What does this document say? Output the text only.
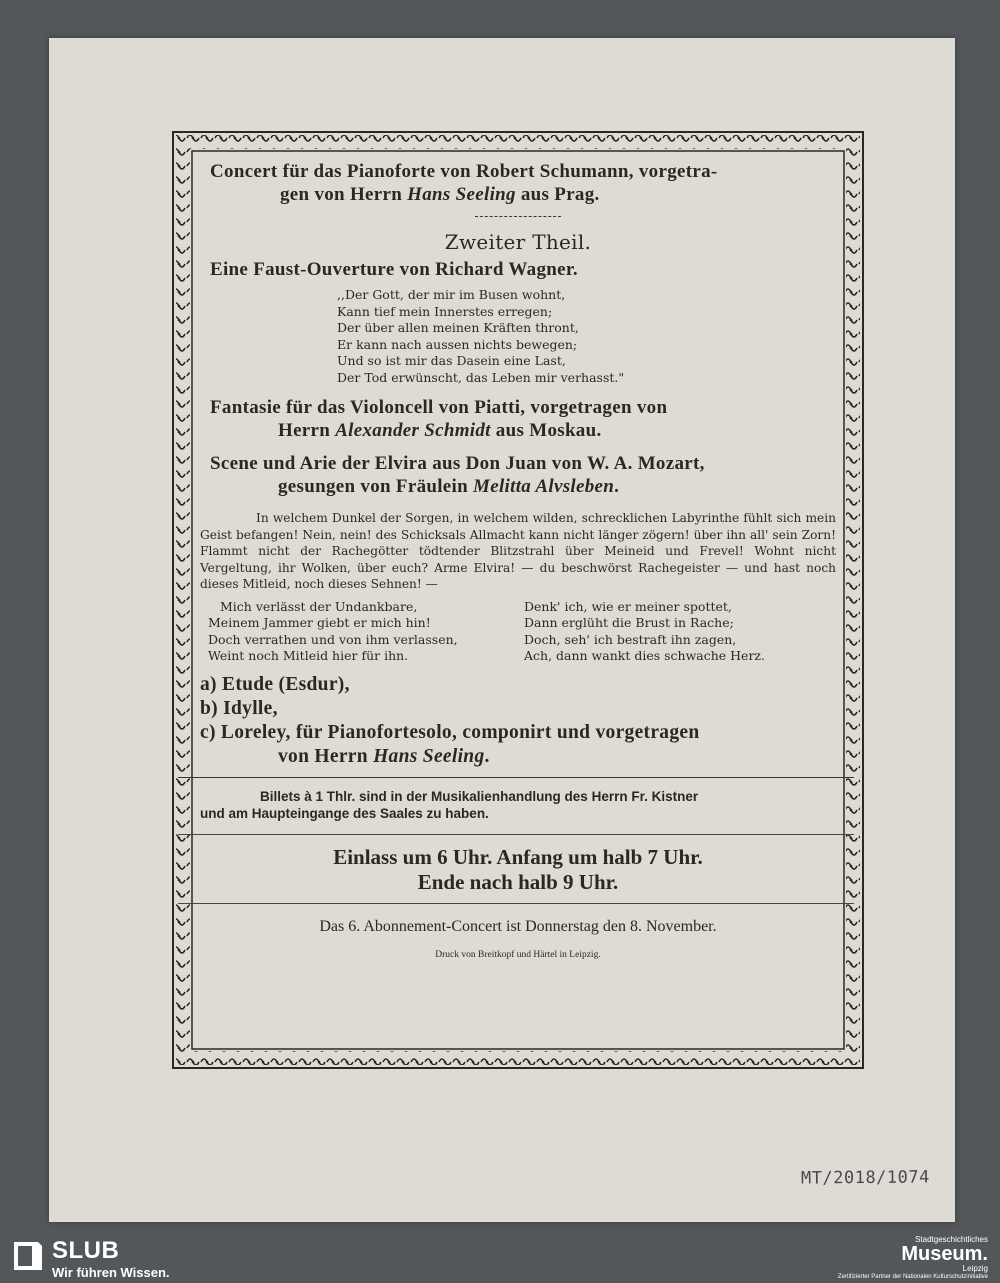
Concert für das Pianoforte von Robert Schumann, vorgetra-

gen von Herrn Hans Seeling aus Prag.

Zweiter Theil.

Eine Faust-Ouverture von Richard Wagner.

,,Der Gott, der mir im Busen wohnt,
Kann tief mein Innerstes erregen;
Der über allen meinen Kräften thront,
Er kann nach aussen nichts bewegen;
Und so ist mir das Dasein eine Last,
Der Tod erwünscht, das Leben mir verhasst."

Fantasie für das Violoncell von Piatti, vorgetragen von

Herrn Alexander Schmidt aus Moskau.

Scene und Arie der Elvira aus Don Juan von W. A. Mozart,

gesungen von Fräulein Melitta Alvsleben.

In welchem Dunkel der Sorgen, in welchem wilden, schrecklichen Labyrinthe fühlt sich mein Geist befangen! Nein, nein! des Schicksals Allmacht kann nicht länger zögern! über ihn all' sein Zorn! Flammt nicht der Rachegötter tödtender Blitzstrahl über Meineid und Frevel! Wohnt nicht Vergeltung, ihr Wolken, über euch? Arme Elvira! — du beschwörst Rachegeister — und hast noch dieses Mitleid, noch dieses Sehnen! —

Mich verlässt der Undankbare,
Meinem Jammer giebt er mich hin!
Doch verrathen und von ihm verlassen,
Weint noch Mitleid hier für ihn.
Denk' ich, wie er meiner spottet,
Dann erglüht die Brust in Rache;
Doch, seh' ich bestraft ihn zagen,
Ach, dann wankt dies schwache Herz.

a) Etude (Esdur),

b) Idylle,

c) Loreley, für Pianofortesolo, componirt und vorgetragen

von Herrn Hans Seeling.

Billets à 1 Thlr. sind in der Musikalienhandlung des Herrn Fr. Kistner
und am Haupteingange des Saales zu haben.
Einlass um 6 Uhr. Anfang um halb 7 Uhr.
Ende nach halb 9 Uhr.
Das 6. Abonnement-Concert ist Donnerstag den 8. November.
Druck von Breitkopf und Härtel in Leipzig.
MT/2018/1074
SLUB
Wir führen Wissen.
Stadtgeschichtliches
Museum.
Leipzig
Zertifizierter Partner der Nationalen Kulturschutzinitiative
